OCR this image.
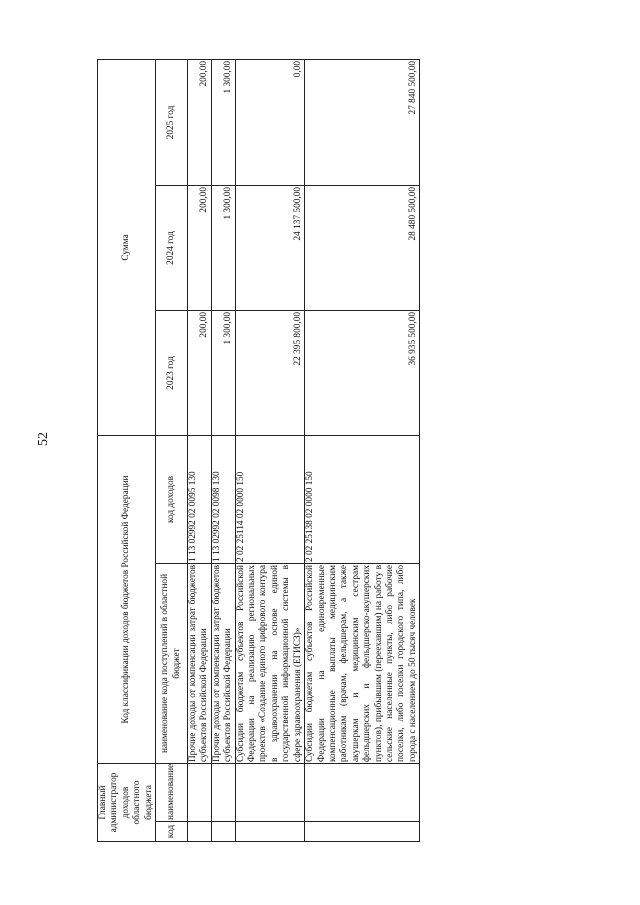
52
Главный администратор доходов областного бюджета		Код классификации доходов бюджетов Российской Федерации		Сумма		
код	наименование	наименование кода поступлений в областной бюджет	код доходов	2023 год	2024 год	2025 год
		Прочие доходы от компенсации затрат бюджетов субъектов Российской Федерации	1 13 02992 02 0095 130	200,00	200,00	200,00
		Прочие доходы от компенсации затрат бюджетов субъектов Российской Федерации	1 13 02992 02 0098 130	1 300,00	1 300,00	1 300,00
		Субсидии бюджетам субъектов Российской Федерации на реализацию региональных проектов «Создание единого цифрового контура в здравоохранении на основе единой государственной информационной системы в сфере здравоохранения (ЕГИСЗ)»	2 02 25114 02 0000 150	22 395 800,00	24 137 500,00	0,00
		Субсидии бюджетам субъектов Российской Федерации на единовременные компенсационные выплаты медицинским работникам (врачам, фельдшерам, а также акушеркам и медицинским сестрам фельдшерских и фельдшерско-акушерских пунктов), прибывшим (переехавшим) на работу в сельские населенные пункты, либо рабочие поселки, либо поселки городского типа, либо города с населением до 50 тысяч человек	2 02 25138 02 0000 150	36 935 500,00	28 480 500,00	27 840 500,00
